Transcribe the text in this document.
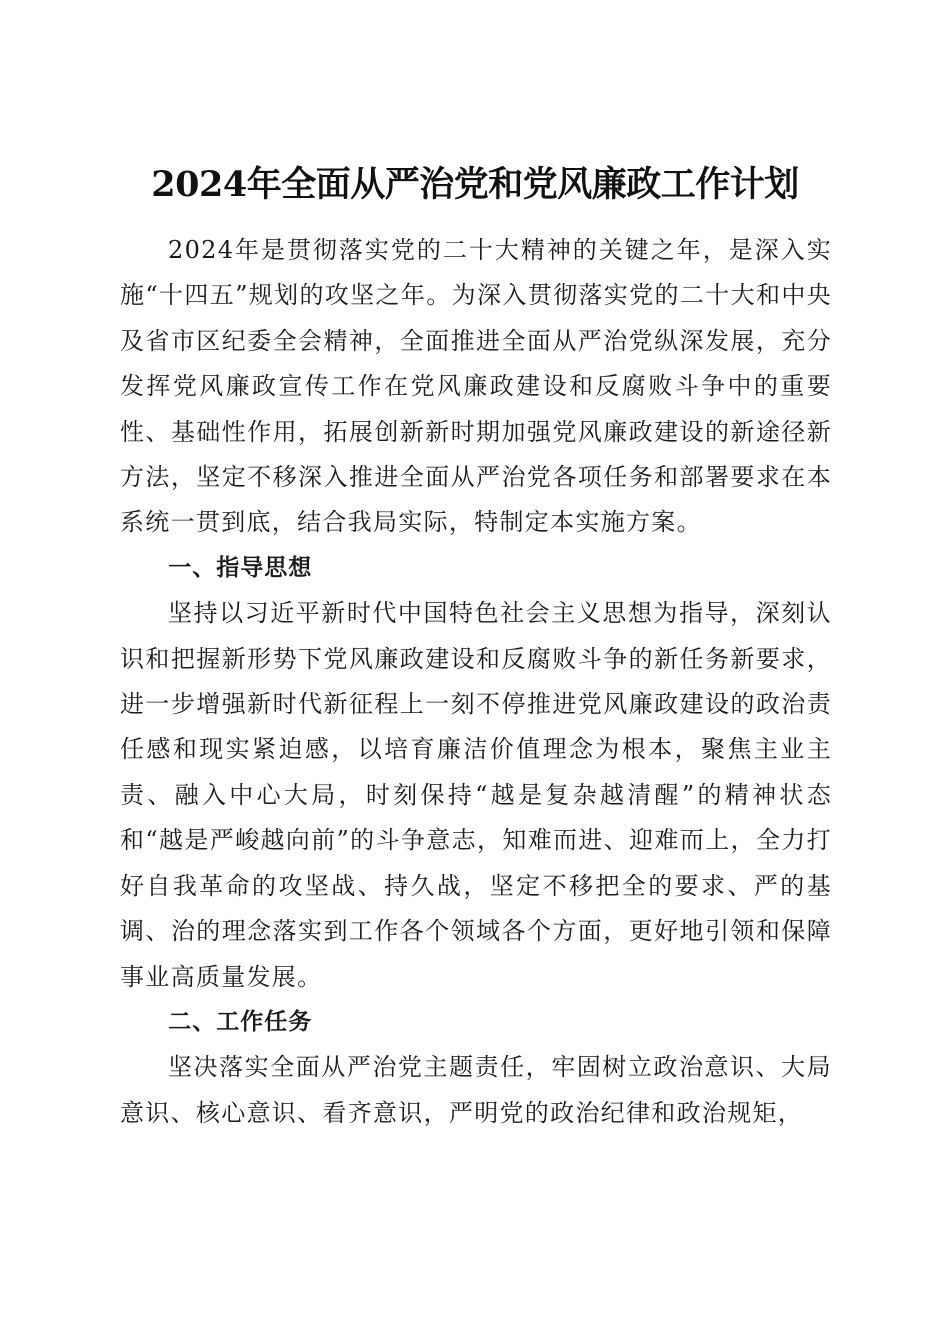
2024年全面从严治党和党风廉政工作计划

2024年是贯彻落实党的二十大精神的关键之年，是深入实施“十四五”规划的攻坚之年。为深入贯彻落实党的二十大和中央及省市区纪委全会精神，全面推进全面从严治党纵深发展，充分发挥党风廉政宣传工作在党风廉政建设和反腐败斗争中的重要性、基础性作用，拓展创新新时期加强党风廉政建设的新途径新方法，坚定不移深入推进全面从严治党各项任务和部署要求在本系统一贯到底，结合我局实际，特制定本实施方案。

一、指导思想

坚持以习近平新时代中国特色社会主义思想为指导，深刻认识和把握新形势下党风廉政建设和反腐败斗争的新任务新要求，进一步增强新时代新征程上一刻不停推进党风廉政建设的政治责任感和现实紧迫感，以培育廉洁价值理念为根本，聚焦主业主责、融入中心大局，时刻保持“越是复杂越清醒”的精神状态和“越是严峻越向前”的斗争意志，知难而进、迎难而上，全力打好自我革命的攻坚战、持久战，坚定不移把全的要求、严的基调、治的理念落实到工作各个领域各个方面，更好地引领和保障事业高质量发展。

二、工作任务

坚决落实全面从严治党主题责任，牢固树立政治意识、大局意识、核心意识、看齐意识，严明党的政治纪律和政治规矩，
